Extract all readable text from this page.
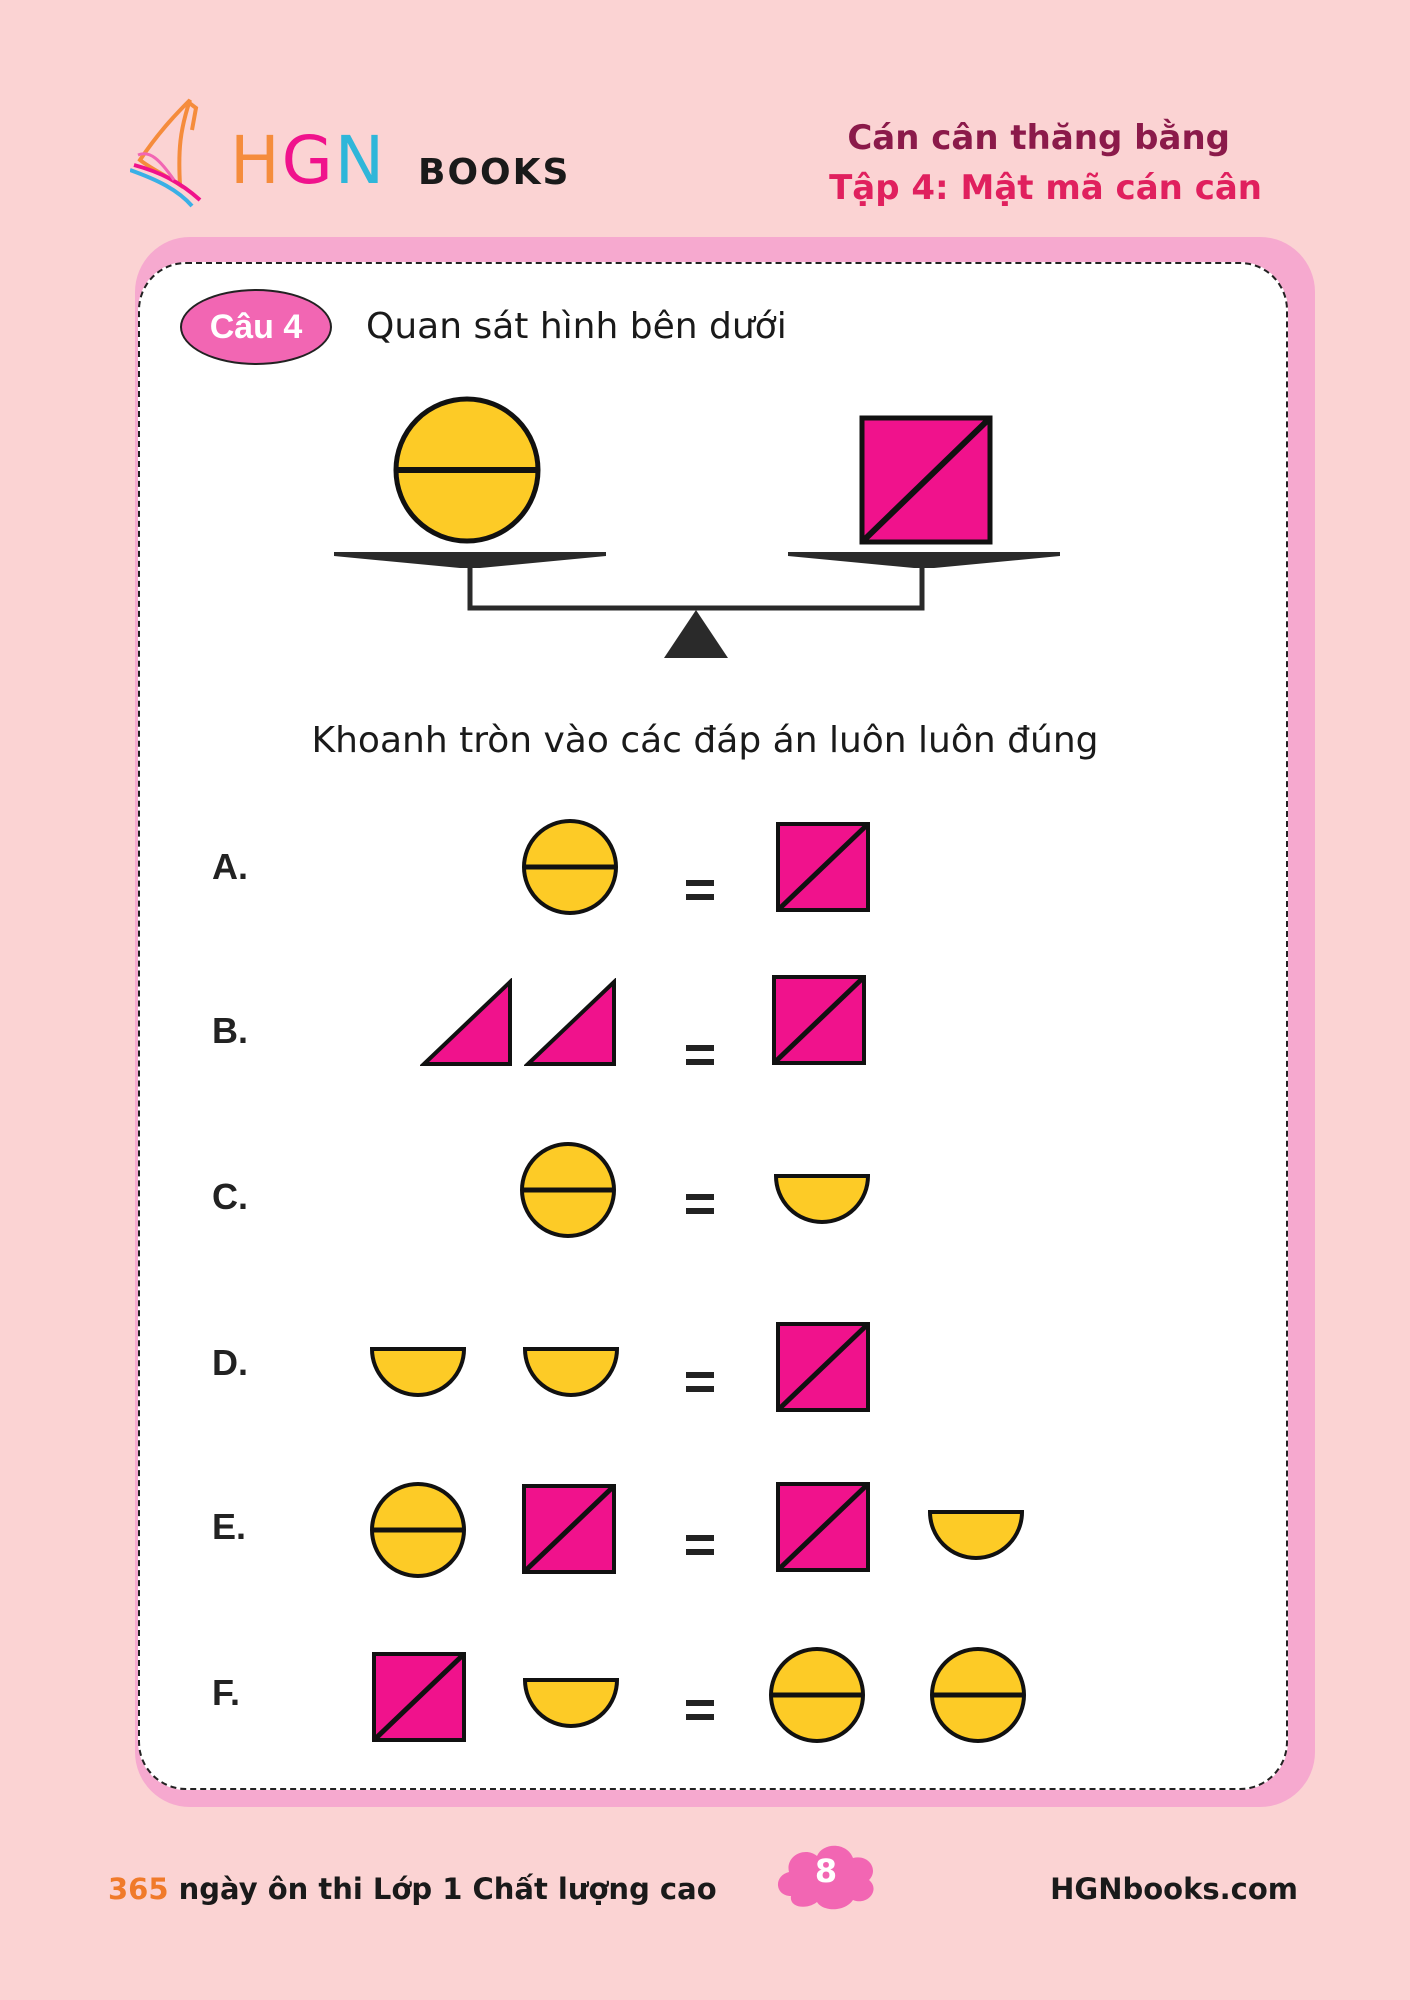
HGN BOOKS
Cán cân thăng bằng
Tập 4: Mật mã cán cân
Câu 4	Quan sát hình bên dưới
Khoanh tròn vào các đáp án luôn luôn đúng
A.
B.
C.
D.
E.
F.
365 ngày ôn thi Lớp 1 Chất lượng cao	8	HGNbooks.com
